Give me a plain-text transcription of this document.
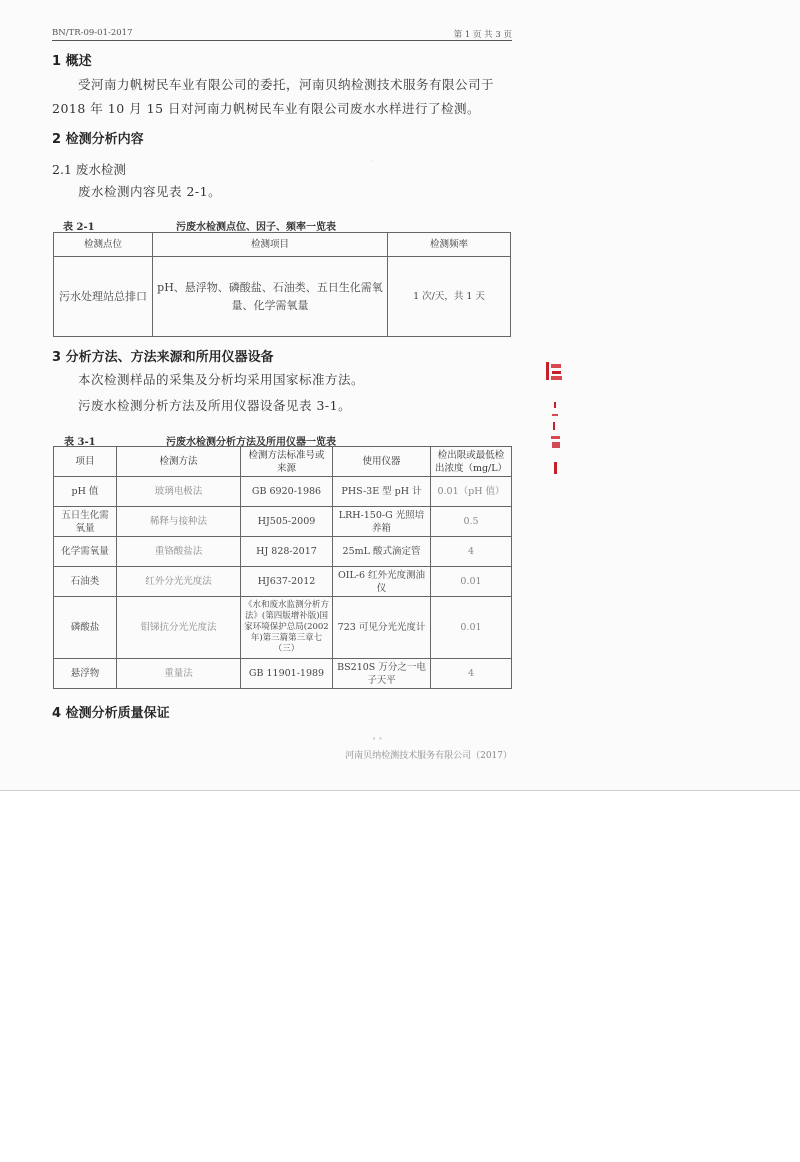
BN/TR-09-01-2017	第 1 页 共 3 页
1 概述
受河南力帆树民车业有限公司的委托，河南贝纳检测技术服务有限公司于2018 年 10 月 15 日对河南力帆树民车业有限公司废水水样进行了检测。
2 检测分析内容
2.1 废水检测
废水检测内容见表 2-1。
表 2-1	污废水检测点位、因子、频率一览表
检测点位	检测项目	检测频率
污水处理站总排口	pH、悬浮物、磷酸盐、石油类、五日生化需氧量、化学需氧量	1 次/天，共 1 天
3 分析方法、方法来源和所用仪器设备
本次检测样品的采集及分析均采用国家标准方法。
污废水检测分析方法及所用仪器设备见表 3-1。
表 3-1	污废水检测分析方法及所用仪器一览表
项目	检测方法	检测方法标准号或来源	使用仪器	检出限或最低检出浓度（mg/L）
pH 值	玻璃电极法	GB 6920-1986	PHS-3E 型 pH 计	0.01（pH 值）
五日生化需氧量	稀释与接种法	HJ505-2009	LRH-150-G 光照培养箱	0.5
化学需氧量	重铬酸盐法	HJ 828-2017	25mL 酸式滴定管	4
石油类	红外分光光度法	HJ637-2012	OIL-6 红外光度测油仪	0.01
磷酸盐	钼锑抗分光光度法	《水和废水监测分析方法》(第四版增补版)国家环境保护总局(2002 年)第三篇第三章七（三）	723 可见分光光度计	0.01
悬浮物	重量法	GB 11901-1989	BS210S 万分之一电子天平	4
4 检测分析质量保证
河南贝纳检测技术服务有限公司（2017）
˙
∙ ∙
